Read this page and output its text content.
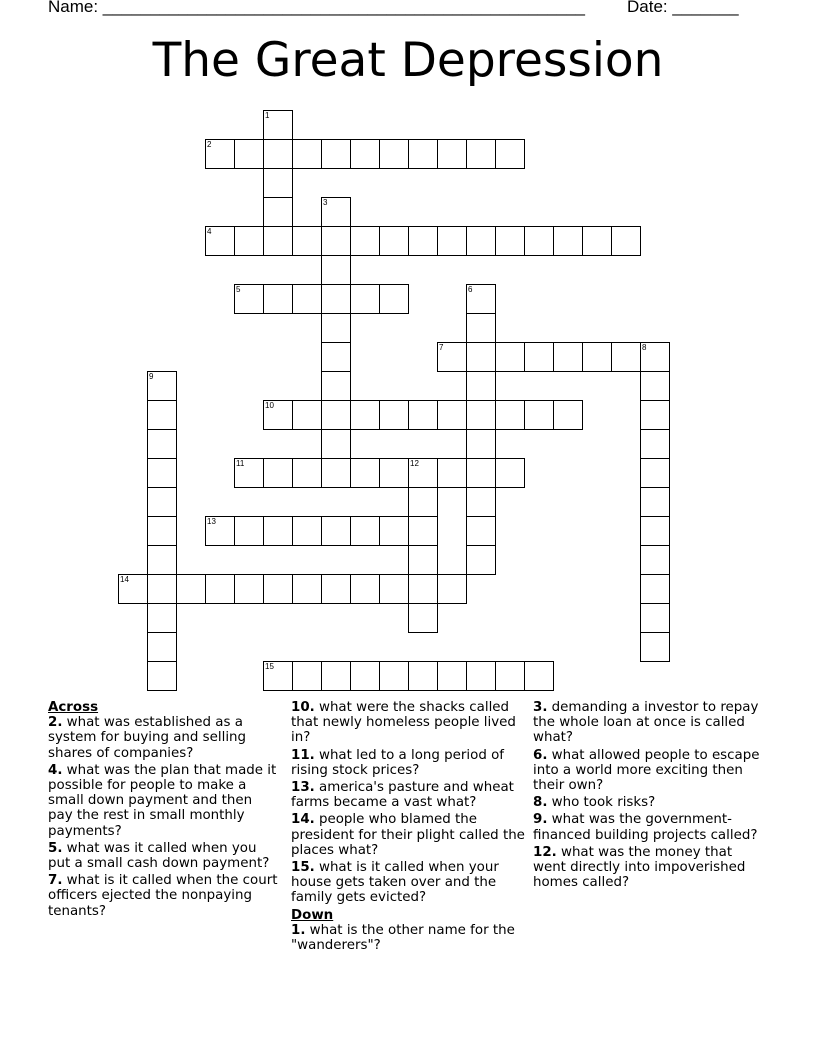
Name: ___________________________________________________ Date: _______
The Great Depression
1
2
3
4
5	6
7	8
9
10
11	12
13
14
15
Across
2. what was established as a system for buying and selling shares of companies?
4. what was the plan that made it possible for people to make a small down payment and then pay the rest in small monthly payments?
5. what was it called when you put a small cash down payment?
7. what is it called when the court officers ejected the nonpaying tenants?
10. what were the shacks called that newly homeless people lived in?
11. what led to a long period of rising stock prices?
13. america's pasture and wheat farms became a vast what?
14. people who blamed the president for their plight called the places what?
15. what is it called when your house gets taken over and the family gets evicted?
Down
1. what is the other name for the "wanderers"?
3. demanding a investor to repay the whole loan at once is called what?
6. what allowed people to escape into a world more exciting then their own?
8. who took risks?
9. what was the government-financed building projects called?
12. what was the money that went directly into impoverished homes called?
